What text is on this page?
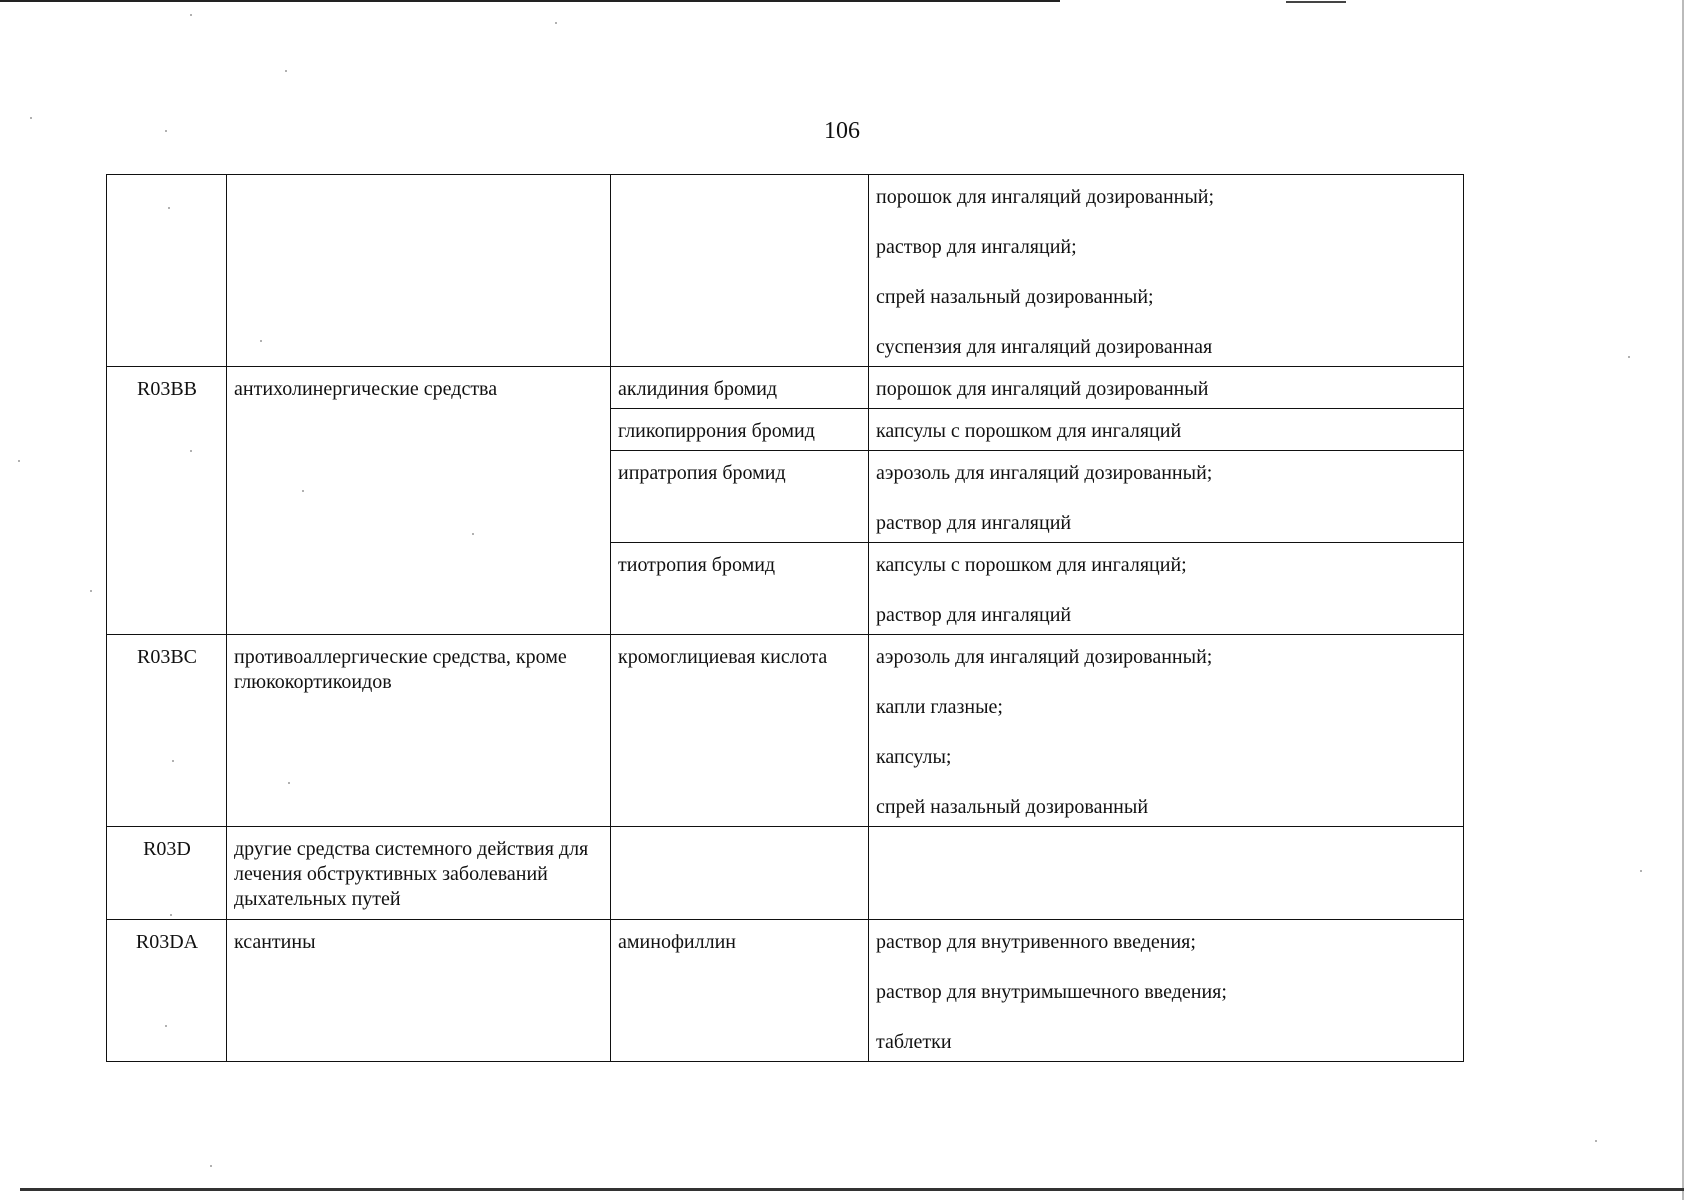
106

			порошок для ингаляций дозированный;
раствор для ингаляций;
спрей назальный дозированный;
суспензия для ингаляций дозированная

R03BB	антихолинергические средства	аклидиния бромид	порошок для ингаляций дозированный

		гликопиррония бромид	капсулы с порошком для ингаляций

		ипратропия бромид	аэрозоль для ингаляций дозированный;
раствор для ингаляций

		тиотропия бромид	капсулы с порошком для ингаляций;
раствор для ингаляций

R03BC	противоаллергические средства, кроме глюкокортикоидов	кромоглициевая кислота	аэрозоль для ингаляций дозированный;
капли глазные;
капсулы;
спрей назальный дозированный

R03D	другие средства системного действия для лечения обструктивных заболеваний дыхательных путей		
R03DA	ксантины	аминофиллин	раствор для внутривенного введения;
раствор для внутримышечного введения;
таблетки
